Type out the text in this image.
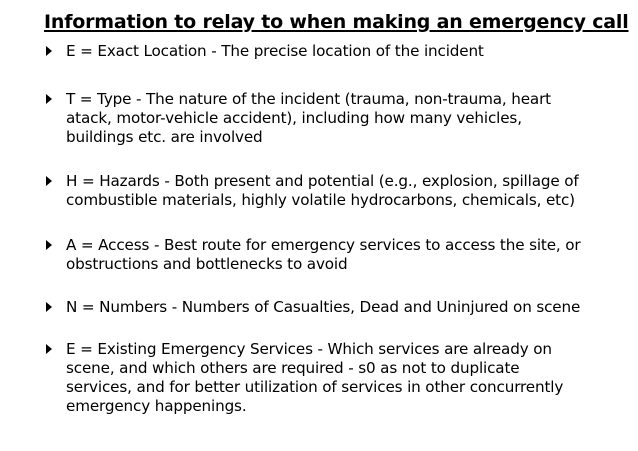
Information to relay to when making an emergency call

E = Exact Location - The precise location of the incident

T = Type - The nature of the incident (trauma, non-trauma, heart
atack, motor-vehicle accident), including how many vehicles,
buildings etc. are involved

H = Hazards - Both present and potential (e.g., explosion, spillage of
combustible materials, highly volatile hydrocarbons, chemicals, etc)

A = Access - Best route for emergency services to access the site, or
obstructions and bottlenecks to avoid

N = Numbers - Numbers of Casualties, Dead and Uninjured on scene

E = Existing Emergency Services - Which services are already on
scene, and which others are required - s0 as not to duplicate
services, and for better utilization of services in other concurrently
emergency happenings.
